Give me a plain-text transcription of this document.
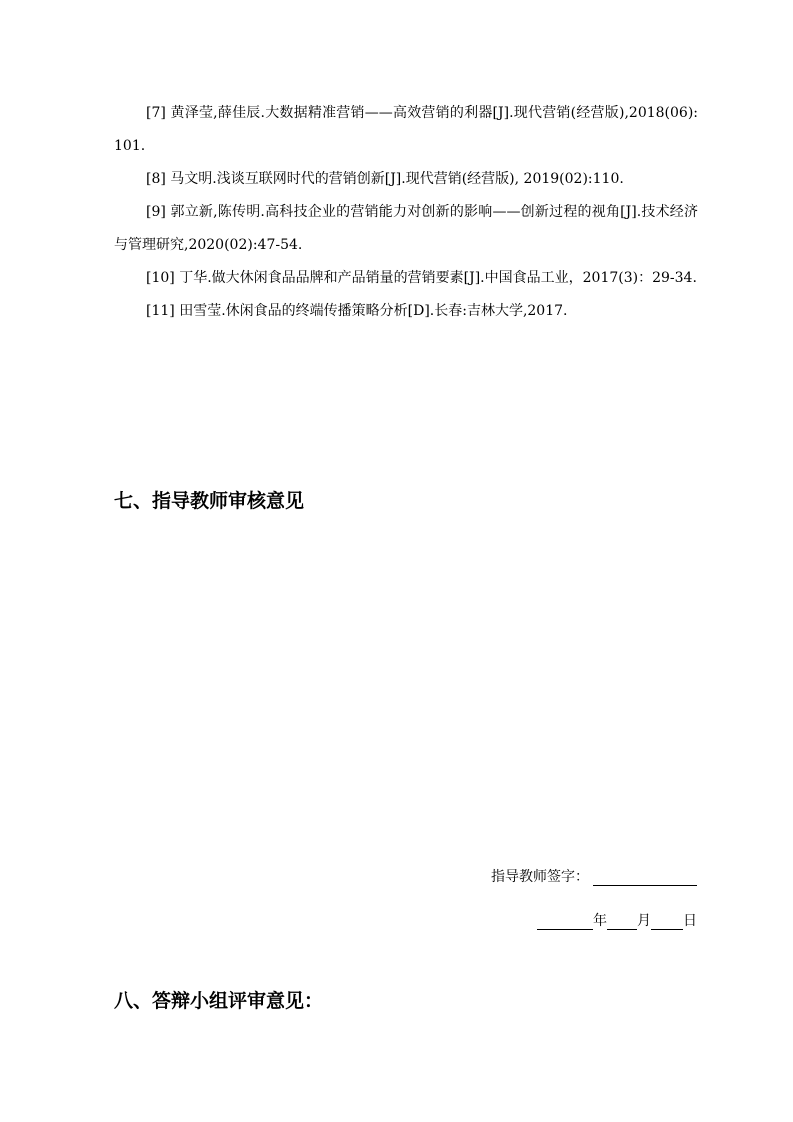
[7] 黄泽莹,薛佳辰.大数据精准营销——高效营销的利器[J].现代营销(经营版),2018(06):101.

[8] 马文明.浅谈互联网时代的营销创新[J].现代营销(经营版), 2019(02):110.

[9] 郭立新,陈传明.高科技企业的营销能力对创新的影响——创新过程的视角[J].技术经济与管理研究,2020(02):47-54.

[10] 丁华.做大休闲食品品牌和产品销量的营销要素[J].中国食品工业，2017(3)：29-34.

[11] 田雪莹.休闲食品的终端传播策略分析[D].长春:吉林大学,2017.

七、指导教师审核意见
指导教师签字：
年 月 日
八、答辩小组评审意见：
